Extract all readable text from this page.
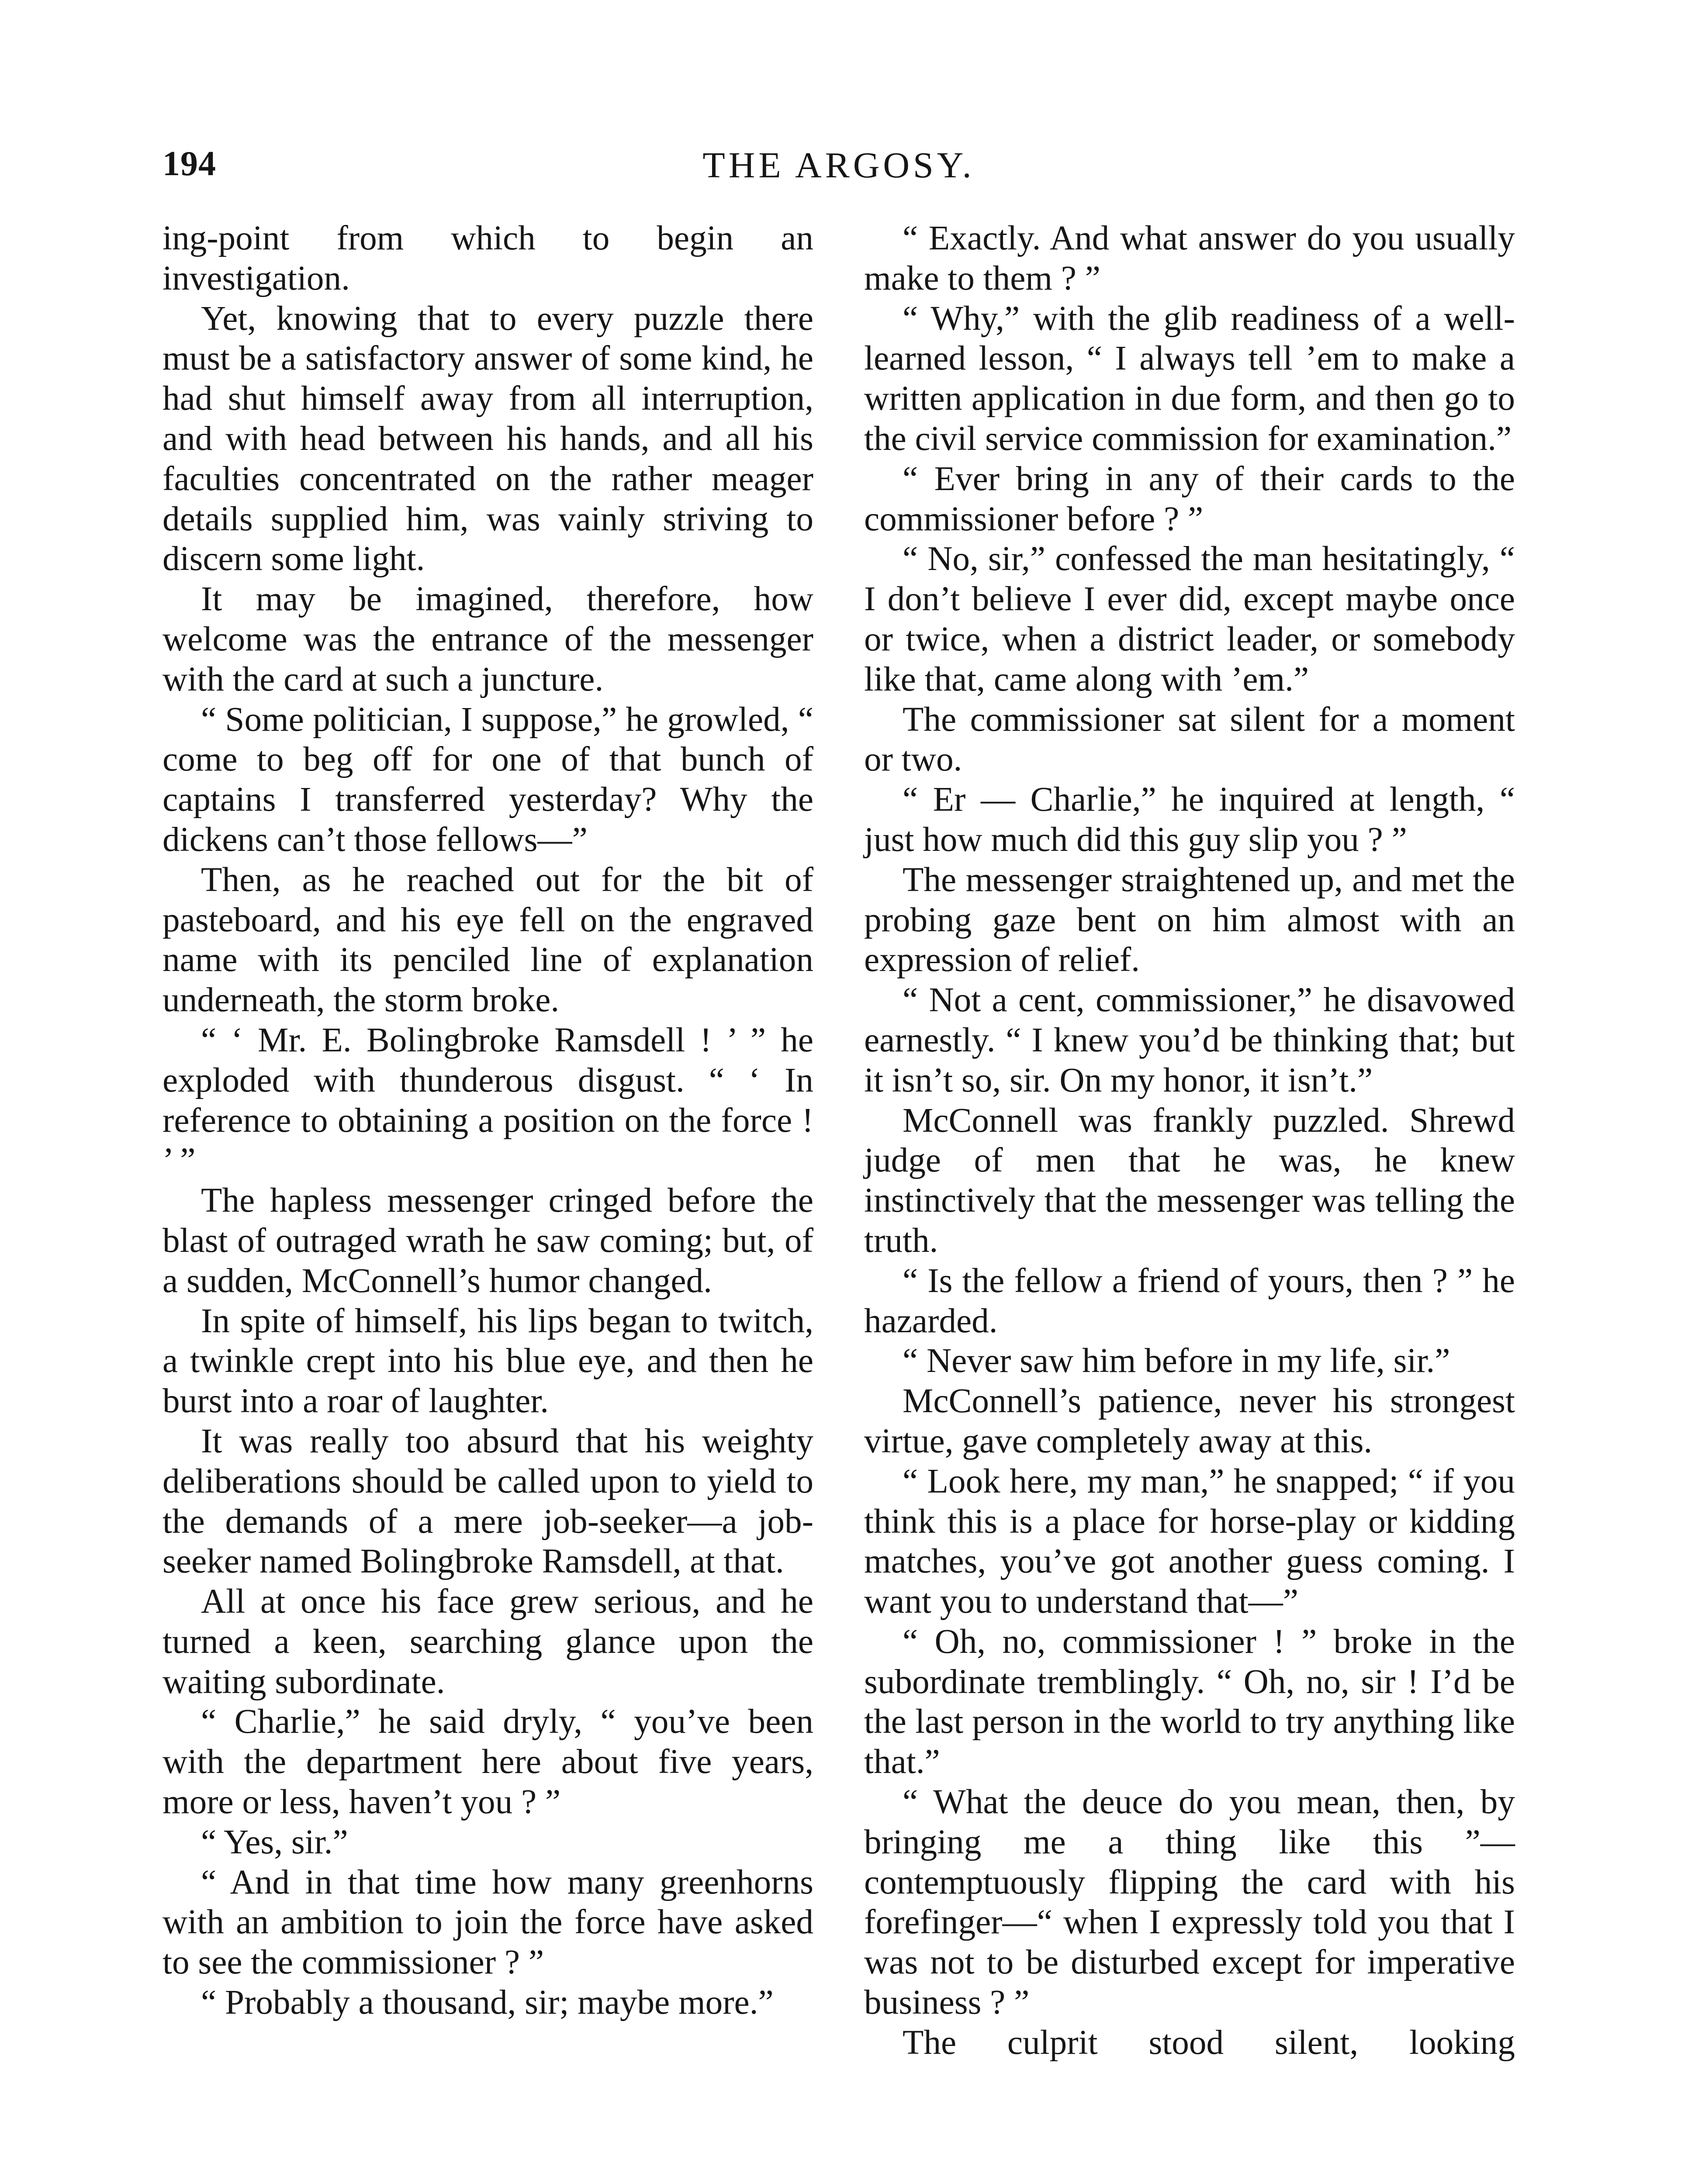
194	THE ARGOSY.

ing-point from which to begin an investigation.

Yet, knowing that to every puzzle there must be a satisfactory answer of some kind, he had shut himself away from all interruption, and with head between his hands, and all his faculties concentrated on the rather meager details supplied him, was vainly striving to discern some light.

It may be imagined, therefore, how welcome was the entrance of the messenger with the card at such a juncture.

“ Some politician, I suppose,” he growled, “ come to beg off for one of that bunch of captains I transferred yesterday? Why the dickens can’t those fellows—”

Then, as he reached out for the bit of pasteboard, and his eye fell on the engraved name with its penciled line of explanation underneath, the storm broke.

“ ‘ Mr. E. Bolingbroke Ramsdell ! ’ ” he exploded with thunderous disgust. “ ‘ In reference to obtaining a position on the force ! ’ ”

The hapless messenger cringed before the blast of outraged wrath he saw coming; but, of a sudden, McConnell’s humor changed.

In spite of himself, his lips began to twitch, a twinkle crept into his blue eye, and then he burst into a roar of laughter.

It was really too absurd that his weighty deliberations should be called upon to yield to the demands of a mere job-seeker—a job-seeker named Bolingbroke Ramsdell, at that.

All at once his face grew serious, and he turned a keen, searching glance upon the waiting subordinate.

“ Charlie,” he said dryly, “ you’ve been with the department here about five years, more or less, haven’t you ? ”

“ Yes, sir.”

“ And in that time how many greenhorns with an ambition to join the force have asked to see the commissioner ? ”

“ Probably a thousand, sir; maybe more.”

“ Exactly. And what answer do you usually make to them ? ”

“ Why,” with the glib readiness of a well-learned lesson, “ I always tell ’em to make a written application in due form, and then go to the civil service commission for examination.”

“ Ever bring in any of their cards to the commissioner before ? ”

“ No, sir,” confessed the man hesitatingly, “ I don’t believe I ever did, except maybe once or twice, when a district leader, or somebody like that, came along with ’em.”

The commissioner sat silent for a moment or two.

“ Er — Charlie,” he inquired at length, “ just how much did this guy slip you ? ”

The messenger straightened up, and met the probing gaze bent on him almost with an expression of relief.

“ Not a cent, commissioner,” he disavowed earnestly. “ I knew you’d be thinking that; but it isn’t so, sir. On my honor, it isn’t.”

McConnell was frankly puzzled. Shrewd judge of men that he was, he knew instinctively that the messenger was telling the truth.

“ Is the fellow a friend of yours, then ? ” he hazarded.

“ Never saw him before in my life, sir.”

McConnell’s patience, never his strongest virtue, gave completely away at this.

“ Look here, my man,” he snapped; “ if you think this is a place for horse-play or kidding matches, you’ve got another guess coming. I want you to understand that—”

“ Oh, no, commissioner ! ” broke in the subordinate tremblingly. “ Oh, no, sir ! I’d be the last person in the world to try anything like that.”

“ What the deuce do you mean, then, by bringing me a thing like this ”— contemptuously flipping the card with his forefinger—“ when I expressly told you that I was not to be disturbed except for imperative business ? ”

The culprit stood silent, looking
